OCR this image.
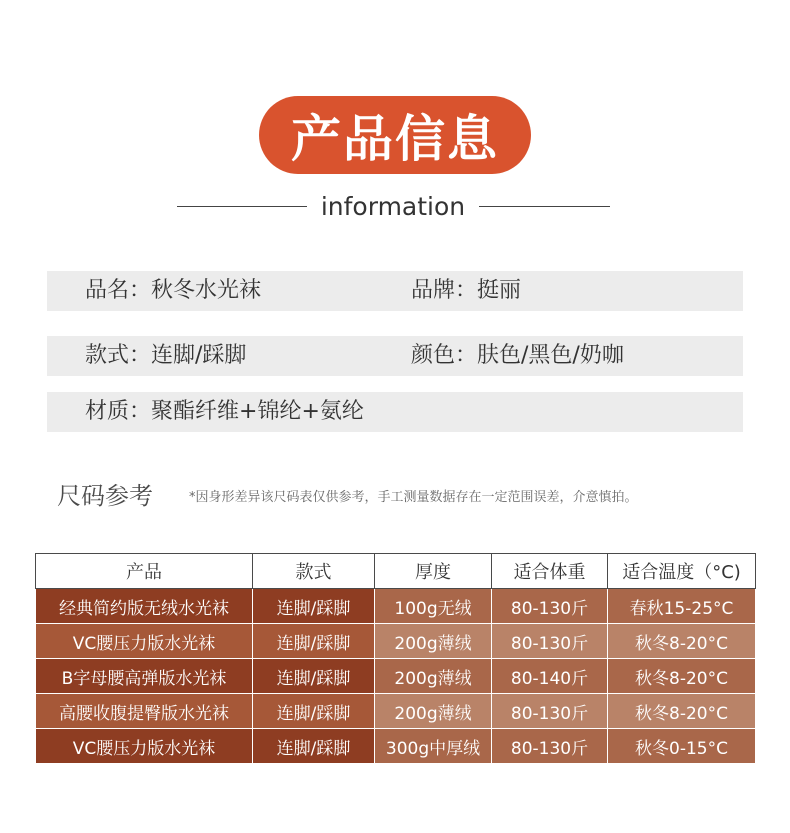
产品信息
information
品名：秋冬水光袜	品牌：挺丽
款式：连脚/踩脚	颜色：肤色/黑色/奶咖
材质：聚酯纤维+锦纶+氨纶
尺码参考	*因身形差异该尺码表仅供参考，手工测量数据存在一定范围误差，介意慎拍。
产品	款式	厚度	适合体重	适合温度（°C)
经典简约版无绒水光袜	连脚/踩脚	100g无绒	80-130斤	春秋15-25°C
VC腰压力版水光袜	连脚/踩脚	200g薄绒	80-130斤	秋冬8-20°C
B字母腰高弹版水光袜	连脚/踩脚	200g薄绒	80-140斤	秋冬8-20°C
高腰收腹提臀版水光袜	连脚/踩脚	200g薄绒	80-130斤	秋冬8-20°C
VC腰压力版水光袜	连脚/踩脚	300g中厚绒	80-130斤	秋冬0-15°C
